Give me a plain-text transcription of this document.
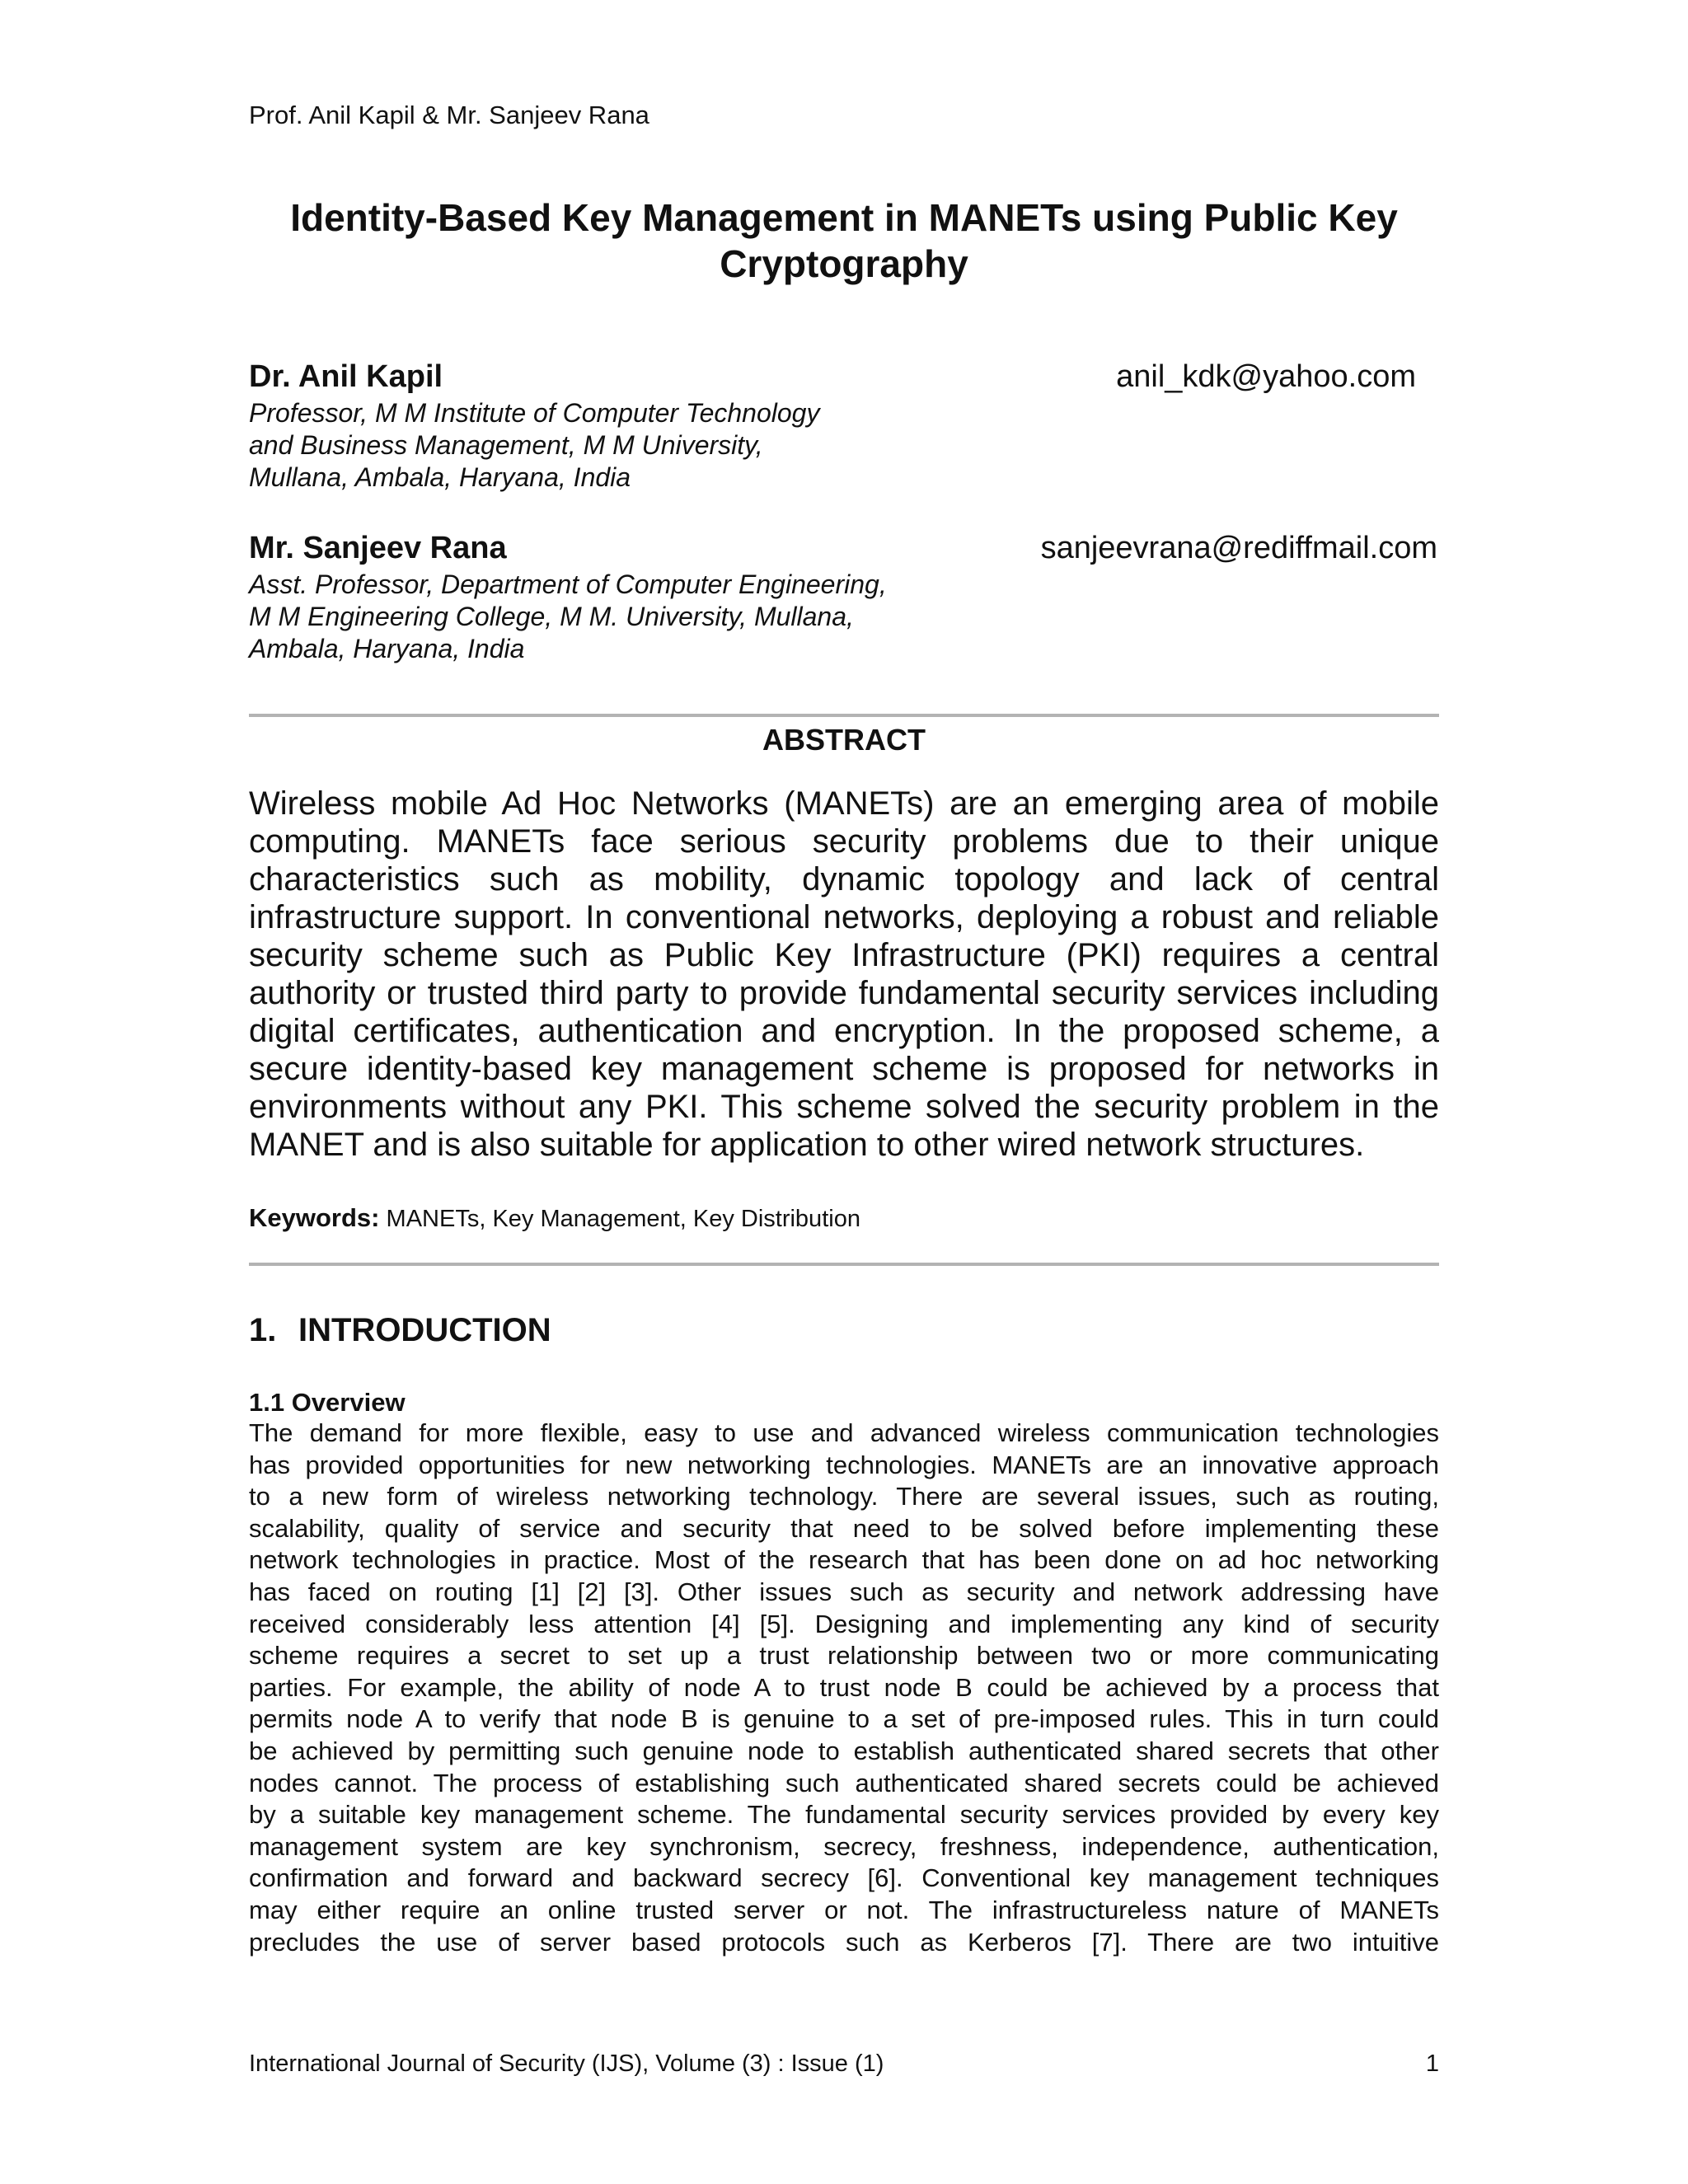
Prof. Anil Kapil & Mr. Sanjeev Rana
Identity-Based Key Management in MANETs using Public Key
Cryptography
Dr. Anil Kapil	anil_kdk@yahoo.com
Professor, M M Institute of Computer Technology
and Business Management, M M University,
Mullana, Ambala, Haryana, India
Mr. Sanjeev Rana	sanjeevrana@rediffmail.com
Asst. Professor, Department of Computer Engineering,
M M Engineering College, M M. University, Mullana,
Ambala, Haryana, India
ABSTRACT
Wireless mobile Ad Hoc Networks (MANETs) are an emerging area of mobile
computing. MANETs face serious security problems due to their unique
characteristics such as mobility, dynamic topology and lack of central
infrastructure support. In conventional networks, deploying a robust and reliable
security scheme such as Public Key Infrastructure (PKI) requires a central
authority or trusted third party to provide fundamental security services including
digital certificates, authentication and encryption. In the proposed scheme, a
secure identity-based key management scheme is proposed for networks in
environments without any PKI. This scheme solved the security problem in the
MANET and is also suitable for application to other wired network structures.
Keywords: MANETs, Key Management, Key Distribution
1. INTRODUCTION
1.1 Overview
The demand for more flexible, easy to use and advanced wireless communication technologies
has provided opportunities for new networking technologies. MANETs are an innovative approach
to a new form of wireless networking technology. There are several issues, such as routing,
scalability, quality of service and security that need to be solved before implementing these
network technologies in practice. Most of the research that has been done on ad hoc networking
has faced on routing [1] [2] [3]. Other issues such as security and network addressing have
received considerably less attention [4] [5]. Designing and implementing any kind of security
scheme requires a secret to set up a trust relationship between two or more communicating
parties. For example, the ability of node A to trust node B could be achieved by a process that
permits node A to verify that node B is genuine to a set of pre-imposed rules. This in turn could
be achieved by permitting such genuine node to establish authenticated shared secrets that other
nodes cannot. The process of establishing such authenticated shared secrets could be achieved
by a suitable key management scheme. The fundamental security services provided by every key
management system are key synchronism, secrecy, freshness, independence, authentication,
confirmation and forward and backward secrecy [6]. Conventional key management techniques
may either require an online trusted server or not. The infrastructureless nature of MANETs
precludes the use of server based protocols such as Kerberos [7]. There are two intuitive
International Journal of Security (IJS), Volume (3) : Issue (1)	1
